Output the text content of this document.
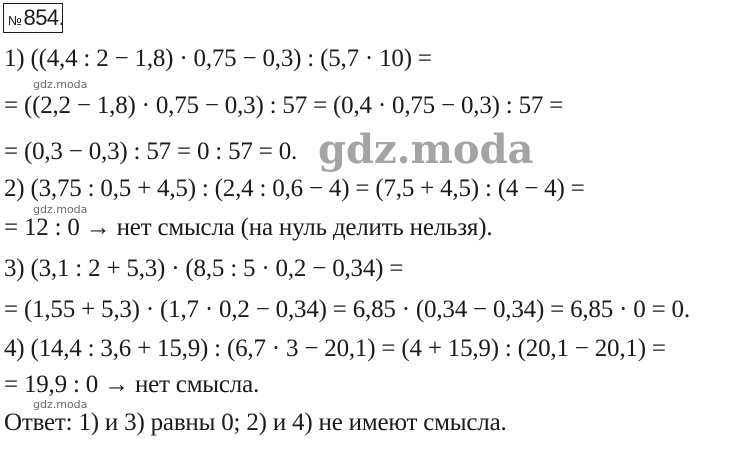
№ 854.
1) ((4,4 : 2 − 1,8) · 0,75 − 0,3) : (5,7 · 10) =
gdz.moda
= ((2,2 − 1,8) · 0,75 − 0,3) : 57 = (0,4 · 0,75 − 0,3) : 57 =
= (0,3 − 0,3) : 57 = 0 : 57 = 0.
2) (3,75 : 0,5 + 4,5) : (2,4 : 0,6 − 4) = (7,5 + 4,5) : (4 − 4) =
gdz.moda
= 12 : 0 → нет смысла (на нуль делить нельзя).
3) (3,1 : 2 + 5,3) · (8,5 : 5 · 0,2 − 0,34) =
= (1,55 + 5,3) · (1,7 · 0,2 − 0,34) = 6,85 · (0,34 − 0,34) = 6,85 · 0 = 0.
4) (14,4 : 3,6 + 15,9) : (6,7 · 3 − 20,1) = (4 + 15,9) : (20,1 − 20,1) =
= 19,9 : 0 → нет смысла.
gdz.moda
Ответ: 1) и 3) равны 0; 2) и 4) не имеют смысла.
gdz.moda
